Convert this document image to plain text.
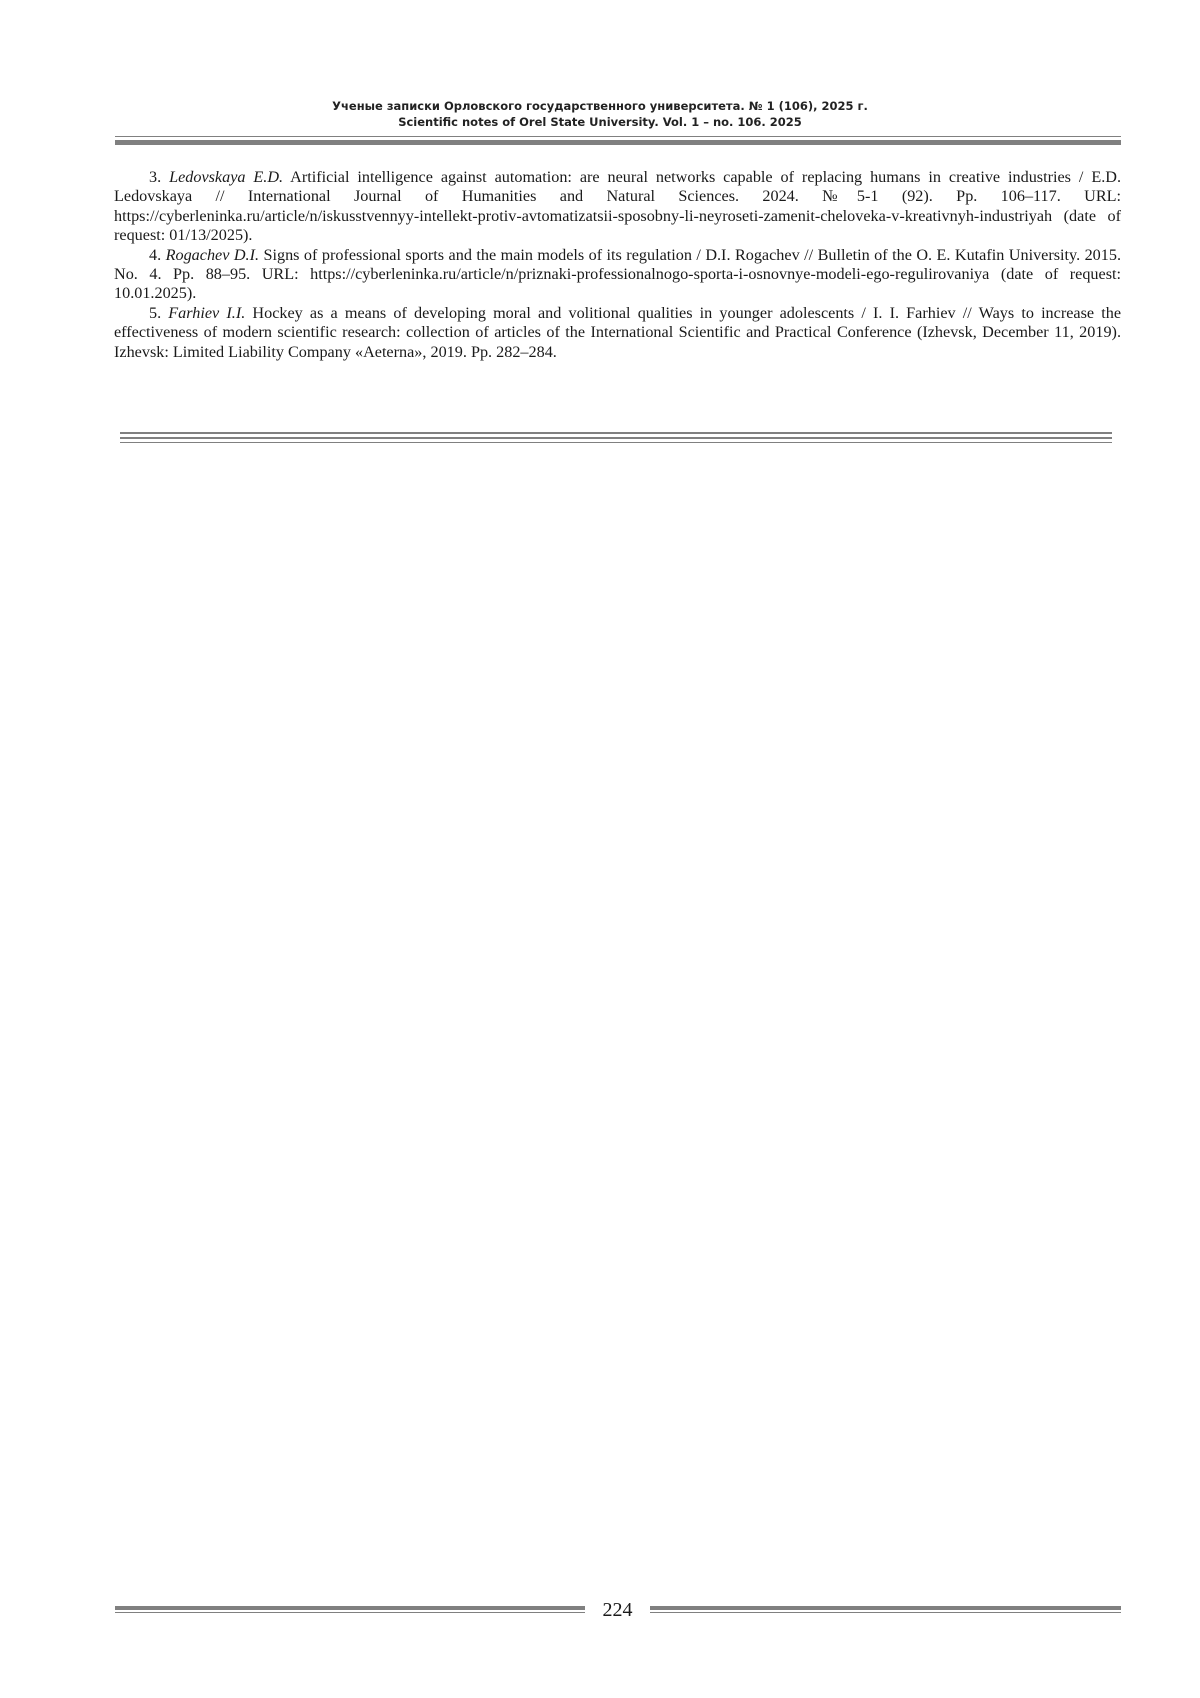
Ученые записки Орловского государственного университета. № 1 (106), 2025 г.
Scientific notes of Orel State University. Vol. 1 – no. 106. 2025

3. Ledovskaya E.D. Artificial intelligence against automation: are neural networks capable of replacing humans in creative industries / E.D. Ledovskaya // International Journal of Humanities and Natural Sciences. 2024. №5-1 (92). Pp. 106–117. URL: https://cyberleninka.ru/article/n/iskusstvennyy-intellekt-protiv-avtomatizatsii-sposobny-li-neyroseti-zamenit-cheloveka-v-kreativnyh-industriyah (date of request: 01/13/2025).

4. Rogachev D.I. Signs of professional sports and the main models of its regulation / D.I. Rogachev // Bulletin of the O. E. Kutafin University. 2015. No. 4. Pp. 88–95. URL: https://cyberleninka.ru/article/n/priznaki-professionalnogo-sporta-i-osnovnye-modeli-ego-regulirovaniya (date of request: 10.01.2025).

5. Farhiev I.I. Hockey as a means of developing moral and volitional qualities in younger adolescents / I. I. Farhiev // Ways to increase the effectiveness of modern scientific research: collection of articles of the International Scientific and Practical Conference (Izhevsk, December 11, 2019). Izhevsk: Limited Liability Company «Aeterna», 2019. Pp. 282–284.

224
